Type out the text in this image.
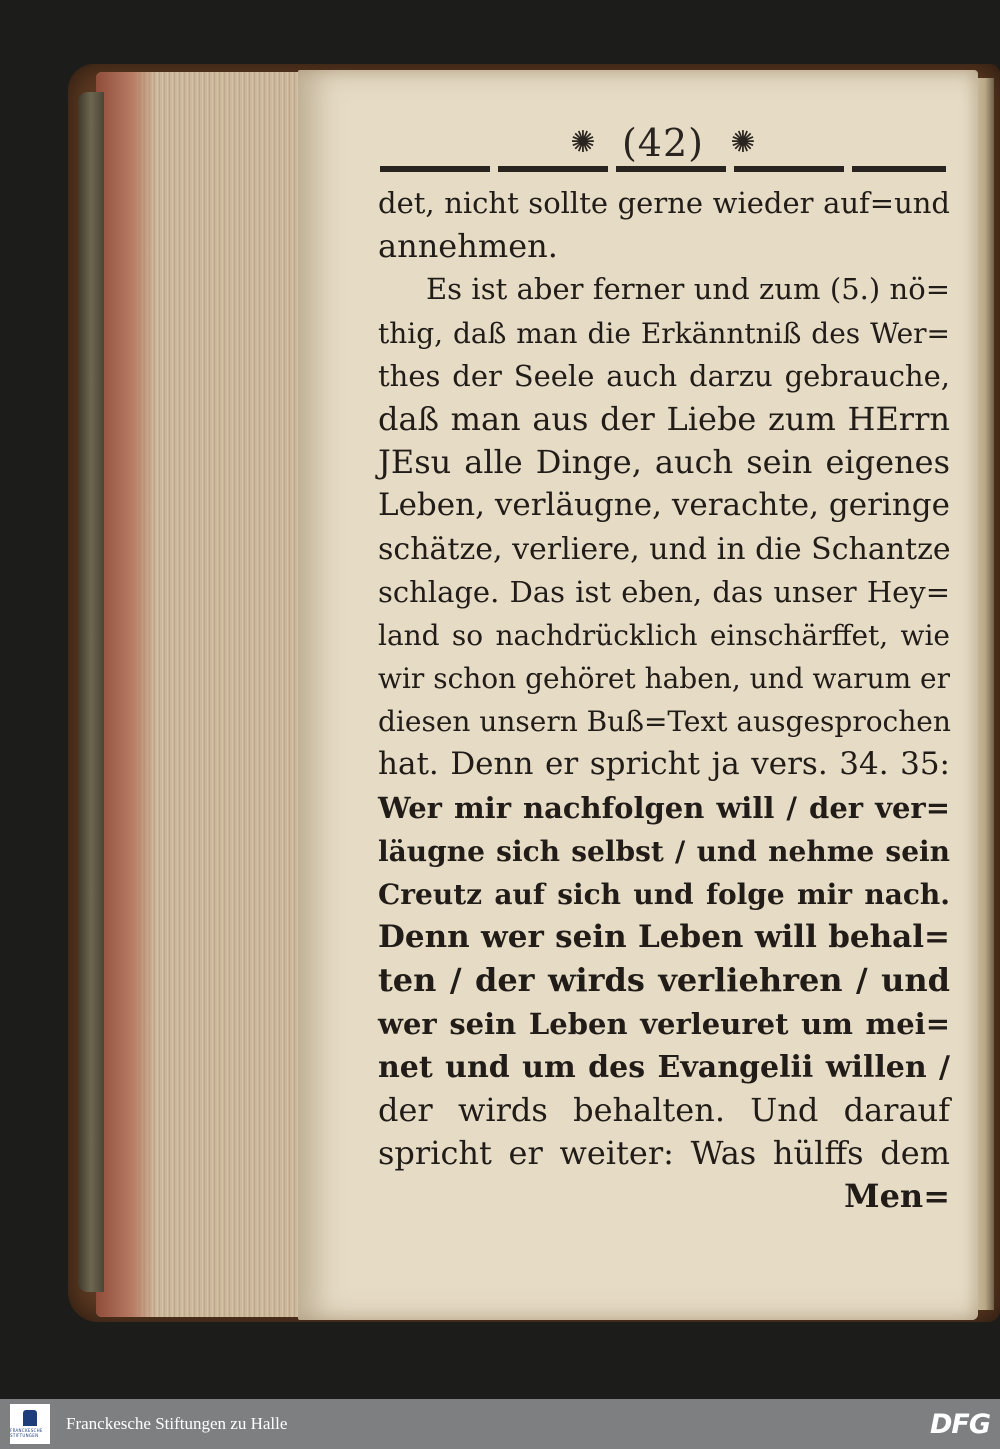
✺ (42) ✺
det, nicht sollte gerne wieder auf=und
annehmen.
Es ist aber ferner und zum (5.) nö=
thig, daß man die Erkänntniß des Wer=
thes der Seele auch darzu gebrauche,
daß man aus der Liebe zum HErrn
JEsu alle Dinge, auch sein eigenes
Leben, verläugne, verachte, geringe
schätze, verliere, und in die Schantze
schlage. Das ist eben, das unser Hey=
land so nachdrücklich einschärffet, wie
wir schon gehöret haben, und warum er
diesen unsern Buß=Text ausgesprochen
hat. Denn er spricht ja vers. 34. 35:
Wer mir nachfolgen will / der ver=
läugne sich selbst / und nehme sein
Creutz auf sich und folge mir nach.
Denn wer sein Leben will behal=
ten / der wirds verliehren / und
wer sein Leben verleuret um mei=
net und um des Evangelii willen /
der wirds behalten. Und darauf
spricht er weiter: Was hülffs dem
Men=
FRANCKESCHE STIFTUNGEN
Franckesche Stiftungen zu Halle	DFG
